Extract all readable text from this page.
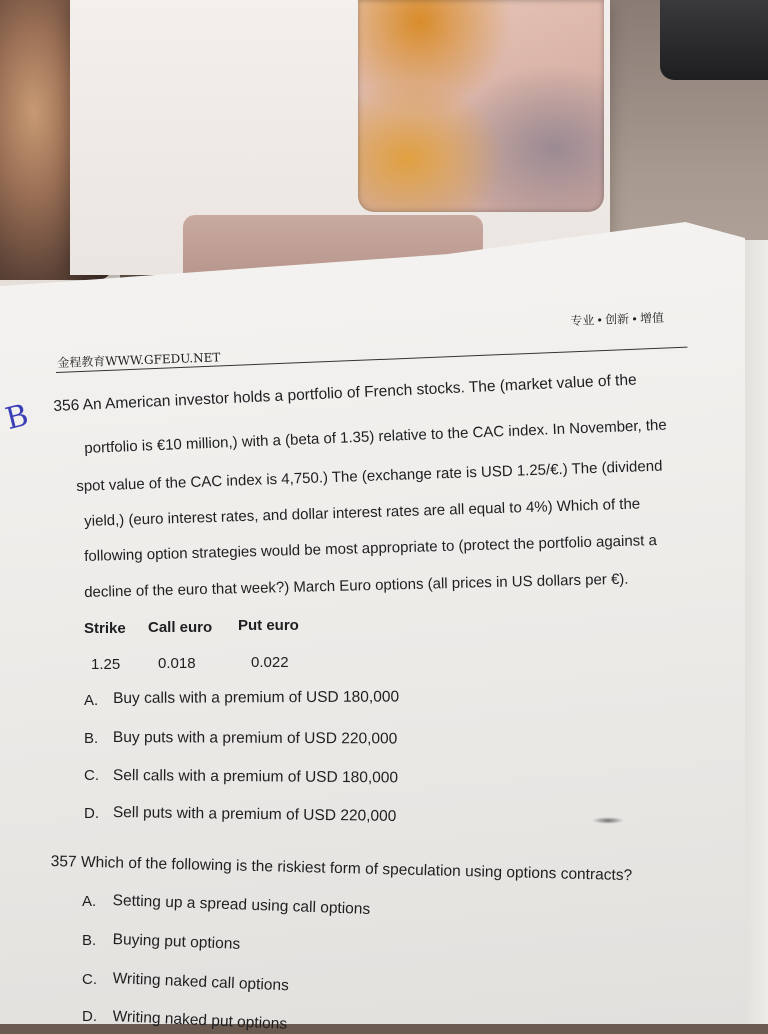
金程教育WWW.GFEDU.NET
专业 • 创新 • 增值
B
356 An American investor holds a portfolio of French stocks. The (market value of the
portfolio is €10 million,) with a (beta of 1.35) relative to the CAC index. In November, the
spot value of the CAC index is 4,750.) The (exchange rate is USD 1.25/€.) The (dividend
yield,) (euro interest rates, and dollar interest rates are all equal to 4%) Which of the
following option strategies would be most appropriate to (protect the portfolio against a
decline of the euro that week?) March Euro options (all prices in US dollars per €).
Strike Call euro Put euro
1.25	0.018	0.022
A. Buy calls with a premium of USD 180,000
B. Buy puts with a premium of USD 220,000
C. Sell calls with a premium of USD 180,000
D. Sell puts with a premium of USD 220,000
357 Which of the following is the riskiest form of speculation using options contracts?
A. Setting up a spread using call options
B. Buying put options
C. Writing naked call options
D. Writing naked put options
